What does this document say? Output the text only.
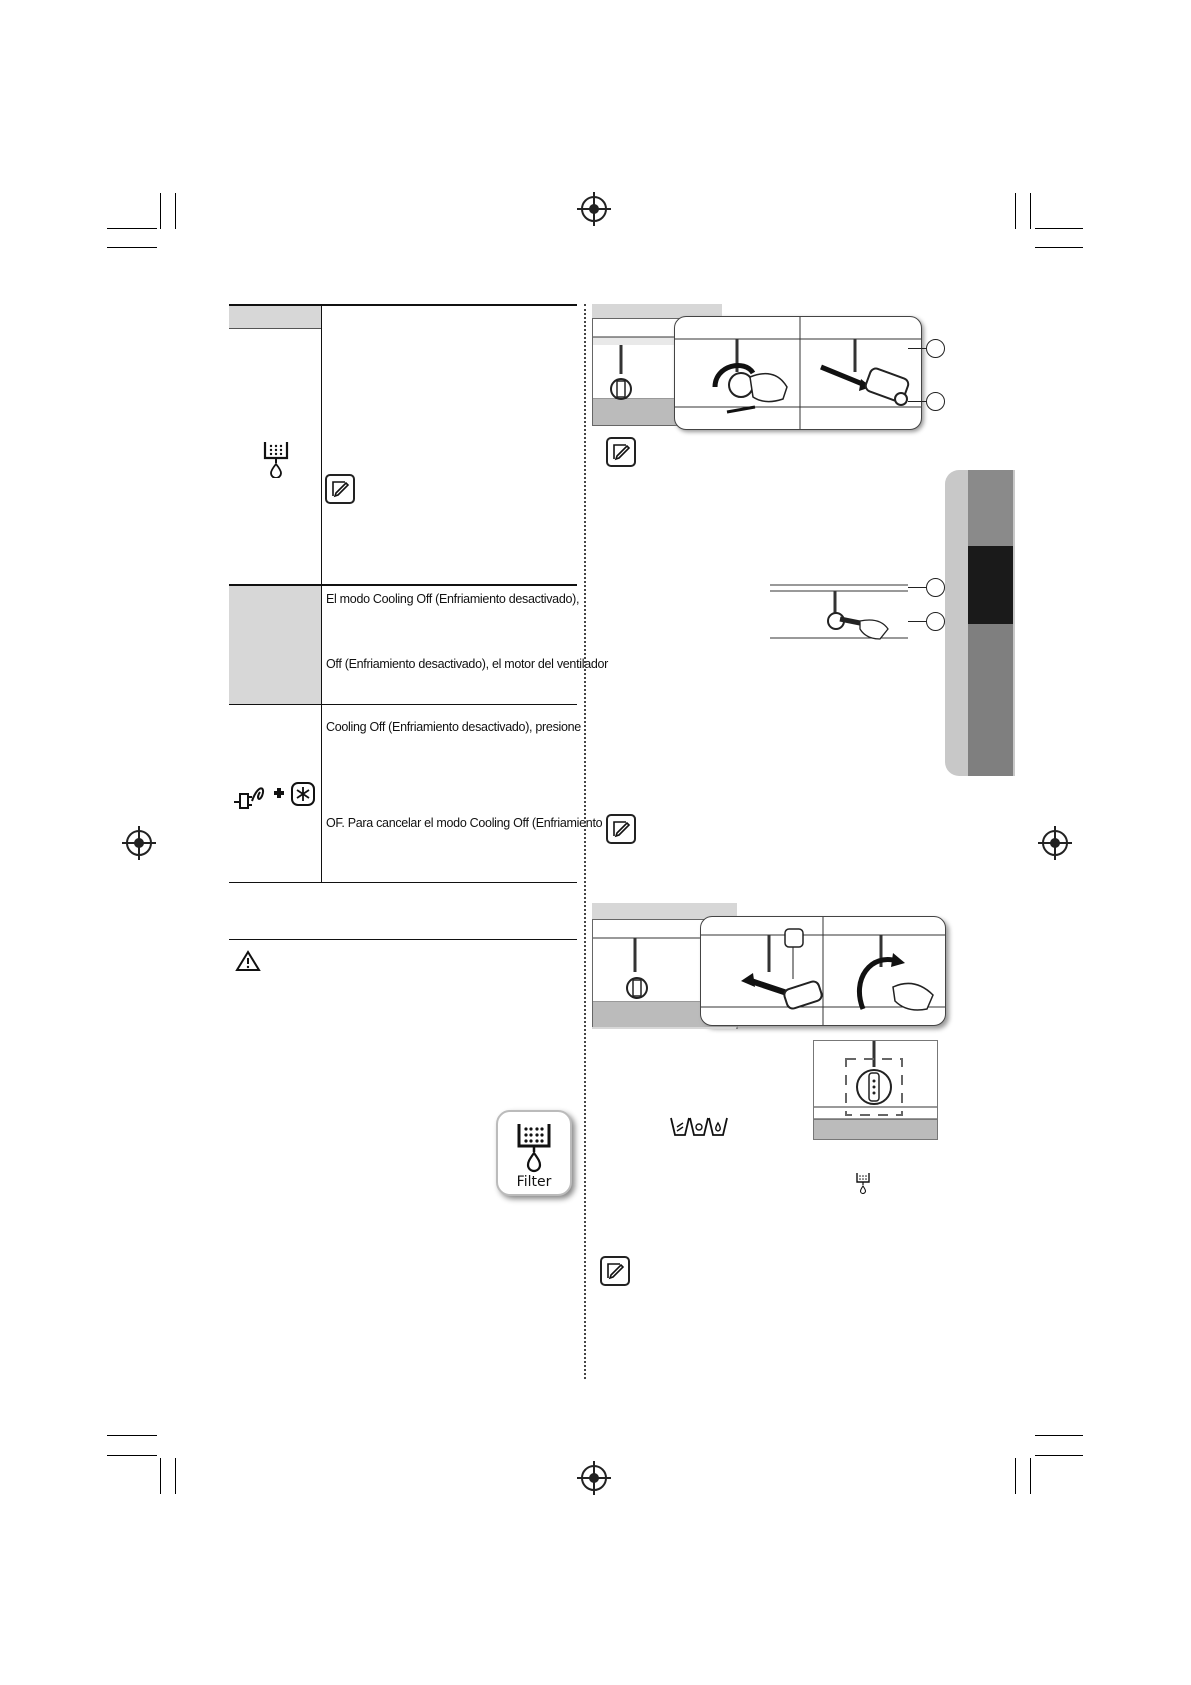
El modo Cooling Off (Enfriamiento desactivado),
Off (Enfriamiento desactivado), el motor del ventilador
Cooling Off (Enfriamiento desactivado), presione
OF. Para cancelar el modo Cooling Off (Enfriamiento
Filter
